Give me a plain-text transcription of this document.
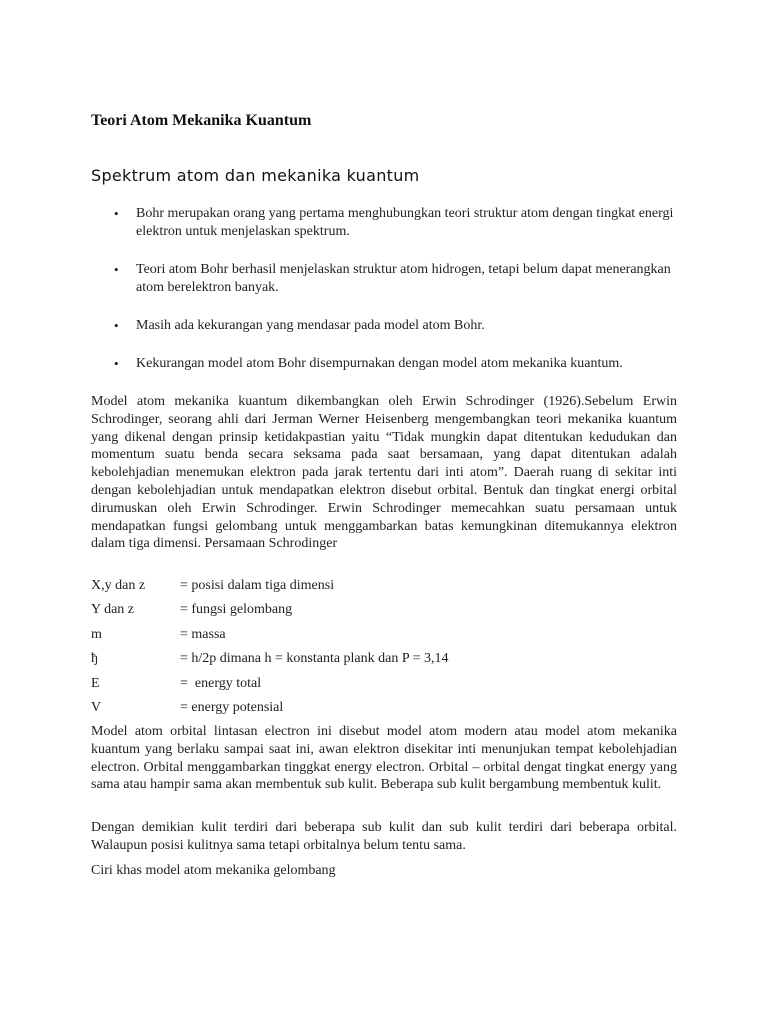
Teori Atom Mekanika Kuantum
Spektrum atom dan mekanika kuantum
• Bohr merupakan orang yang pertama menghubungkan teori struktur atom dengan tingkat energi elektron untuk menjelaskan spektrum.
• Teori atom Bohr berhasil menjelaskan struktur atom hidrogen, tetapi belum dapat menerangkan atom berelektron banyak.
• Masih ada kekurangan yang mendasar pada model atom Bohr.
• Kekurangan model atom Bohr disempurnakan dengan model atom mekanika kuantum.

Model atom mekanika kuantum dikembangkan oleh Erwin Schrodinger (1926).Sebelum Erwin Schrodinger, seorang ahli dari Jerman Werner Heisenberg mengembangkan teori mekanika kuantum yang dikenal dengan prinsip ketidakpastian yaitu “Tidak mungkin dapat ditentukan kedudukan dan momentum suatu benda secara seksama pada saat bersamaan, yang dapat ditentukan adalah kebolehjadian menemukan elektron pada jarak tertentu dari inti atom”. Daerah ruang di sekitar inti dengan kebolehjadian untuk mendapatkan elektron disebut orbital. Bentuk dan tingkat energi orbital dirumuskan oleh Erwin Schrodinger. Erwin Schrodinger memecahkan suatu persamaan untuk mendapatkan fungsi gelombang untuk menggambarkan batas kemungkinan ditemukannya elektron dalam tiga dimensi. Persamaan Schrodinger

X,y dan z = posisi dalam tiga dimensi
Y dan z	= fungsi gelombang
m	= massa
ђ	= h/2p dimana h = konstanta plank dan P = 3,14
E	=  energy total
V	= energy potensial

Model atom orbital lintasan electron ini disebut model atom modern atau model atom mekanika kuantum yang berlaku sampai saat ini, awan elektron disekitar inti menunjukan tempat kebolehjadian electron. Orbital menggambarkan tinggkat energy electron. Orbital – orbital dengat tingkat energy yang sama atau hampir sama akan membentuk sub kulit. Beberapa sub kulit bergambung membentuk kulit.

Dengan demikian kulit terdiri dari beberapa sub kulit dan sub kulit terdiri dari beberapa orbital. Walaupun posisi kulitnya sama tetapi orbitalnya belum tentu sama.

Ciri khas model atom mekanika gelombang
